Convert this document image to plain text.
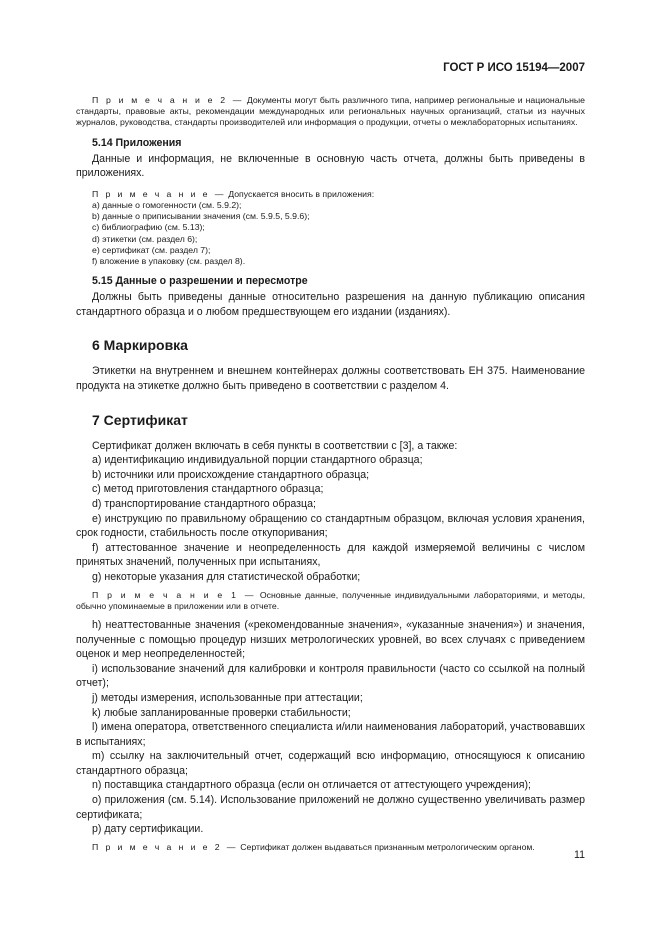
ГОСТ Р ИСО 15194—2007

П р и м е ч а н и е 2 — Документы могут быть различного типа, например региональные и национальные стандарты, правовые акты, рекомендации международных или региональных научных организаций, статьи из научных журналов, руководства, стандарты производителей или информация о продукции, отчеты о межлабораторных испытаниях.

5.14 Приложения

Данные и информация, не включенные в основную часть отчета, должны быть приведены в приложениях.

П р и м е ч а н и е — Допускается вносить в приложения:

a) данные о гомогенности (см. 5.9.2);

b) данные о приписывании значения (см. 5.9.5, 5.9.6);

c) библиографию (см. 5.13);

d) этикетки (см. раздел 6);

e) сертификат (см. раздел 7);

f) вложение в упаковку (см. раздел 8).

5.15 Данные о разрешении и пересмотре

Должны быть приведены данные относительно разрешения на данную публикацию описания стандартного образца и о любом предшествующем его издании (изданиях).

6 Маркировка

Этикетки на внутреннем и внешнем контейнерах должны соответствовать ЕН 375. Наименование продукта на этикетке должно быть приведено в соответствии с разделом 4.

7 Сертификат

Сертификат должен включать в себя пункты в соответствии с [3], а также:

a) идентификацию индивидуальной порции стандартного образца;

b) источники или происхождение стандартного образца;

c) метод приготовления стандартного образца;

d) транспортирование стандартного образца;

e) инструкцию по правильному обращению со стандартным образцом, включая условия хранения, срок годности, стабильность после откупоривания;

f) аттестованное значение и неопределенность для каждой измеряемой величины с числом принятых значений, полученных при испытаниях,

g) некоторые указания для статистической обработки;

П р и м е ч а н и е 1 — Основные данные, полученные индивидуальными лабораториями, и методы, обычно упоминаемые в приложении или в отчете.

h) неаттестованные значения («рекомендованные значения», «указанные значения») и значения, полученные с помощью процедур низших метрологических уровней, во всех случаях с приведением оценок и мер неопределенностей;

i) использование значений для калибровки и контроля правильности (часто со ссылкой на полный отчет);

j) методы измерения, использованные при аттестации;

k) любые запланированные проверки стабильности;

l) имена оператора, ответственного специалиста и/или наименования лабораторий, участвовавших в испытаниях;

m) ссылку на заключительный отчет, содержащий всю информацию, относящуюся к описанию стандартного образца;

n) поставщика стандартного образца (если он отличается от аттестующего учреждения);

o) приложения (см. 5.14). Использование приложений не должно существенно увеличивать размер сертификата;

p) дату сертификации.

П р и м е ч а н и е 2 — Сертификат должен выдаваться признанным метрологическим органом.

11
